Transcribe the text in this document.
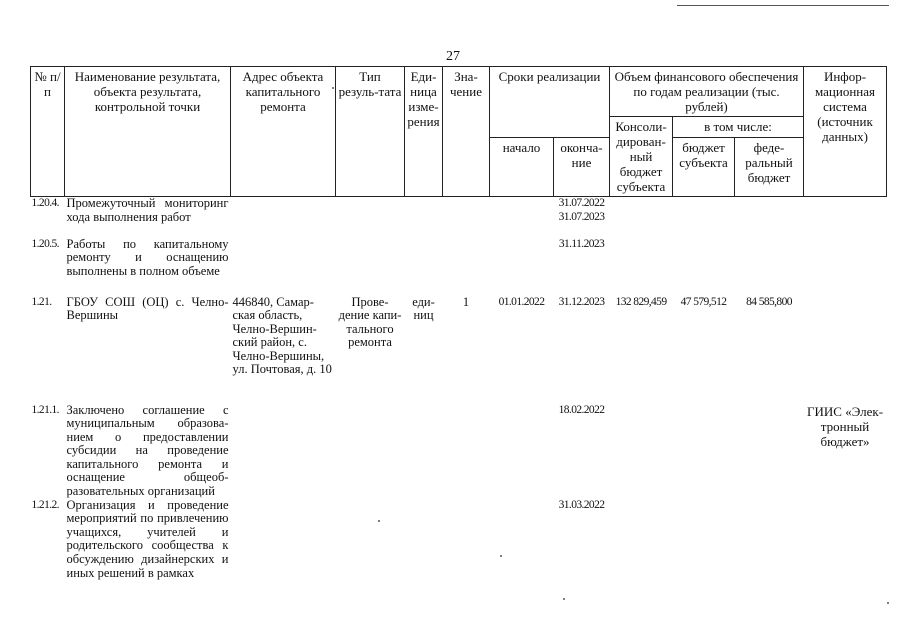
27
№ п/п	Наименование результата, объекта результата, контрольной точки	Адрес объекта капитального ремонта	Тип резуль-тата	Еди-ница изме-рения	Зна-чение	Сроки реализации		Объем финансового обеспечения по годам реализации (тыс. рублей)			Инфор-мационная система (источник данных)
								Консоли-дирован-ный бюджет субъекта	в том числе:		
						начало	оконча-ние		бюджет субъекта	феде-ральный бюджет	
1.20.4.	Промежуточный мониторинг хода выполнения работ						31.07.2022
31.07.2023				
1.20.5.	Работы по капитальному ремонту и оснащению выполнены в полном объеме						31.11.2023				
1.21.	ГБОУ СОШ (ОЦ) с. Челно-Вершины	446840, Самар-ская область, Челно-Вершин-ский район, с. Челно-Вершины, ул. Почтовая, д. 10	Прове-дение капи-тального ремонта	еди-ниц	1	01.01.2022	31.12.2023	132 829,459	47 579,512	84 585,800	
1.21.1.	Заключено соглашение с муниципальным образова-нием о предоставлении субсидии на проведение капитального ремонта и оснащение общеоб-разовательных организаций						18.02.2022				ГИИС «Элек-тронный бюджет»
1.21.2.	Организация и проведение мероприятий по привлечению учащихся, учителей и родительского сообщества к обсуждению дизайнерских и иных решений в рамках						31.03.2022				
